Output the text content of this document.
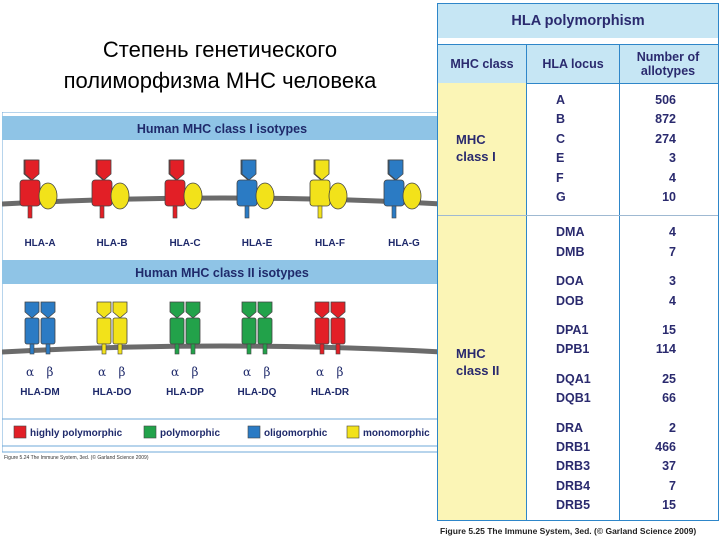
Степень генетического
полиморфизма МНС человека
Human MHC class I isotypes
HLA-A	HLA-B	HLA-C	HLA-E	HLA-F	HLA-G
Human MHC class II isotypes
α β
HLA-DM
α β
HLA-DO
α β
HLA-DP
α β
HLA-DQ
α β
HLA-DR
highly polymorphic	polymorphic	oligomorphic	monomorphic
Figure 5.24 The Immune System, 3ed. (© Garland Science 2009)
HLA polymorphism
MHC class	HLA locus	Number of allotypes
A	506
B	872
C	274
E	3
F	4
G	10
MHC
class I
DMA	4
DMB	7
DOA	3
DOB	4
DPA1	15
DPB1	114
DQA1	25
DQB1	66
DRA	2
DRB1	466
DRB3	37
DRB4	7
DRB5	15
MHC
class II
Figure 5.25 The Immune System, 3ed. (© Garland Science 2009)
